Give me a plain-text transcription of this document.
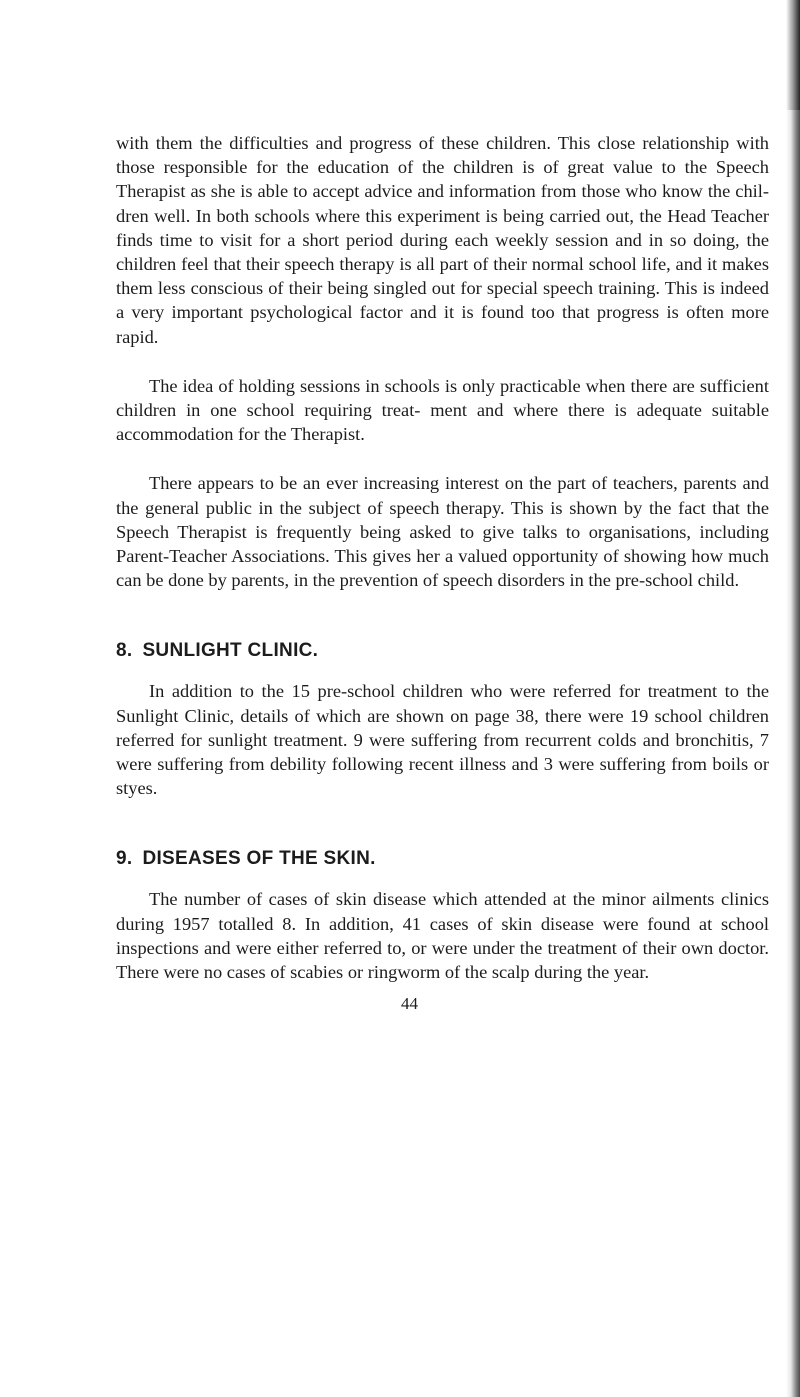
with them the difficulties and progress of these children. This close relationship with those responsible for the education of the children is of great value to the Speech Therapist as she is able to accept advice and information from those who know the chil- dren well. In both schools where this experiment is being carried out, the Head Teacher finds time to visit for a short period during each weekly session and in so doing, the children feel that their speech therapy is all part of their normal school life, and it makes them less conscious of their being singled out for special speech training. This is indeed a very important psychological factor and it is found too that progress is often more rapid.

The idea of holding sessions in schools is only practicable when there are sufficient children in one school requiring treat- ment and where there is adequate suitable accommodation for the Therapist.

There appears to be an ever increasing interest on the part of teachers, parents and the general public in the subject of speech therapy. This is shown by the fact that the Speech Therapist is frequently being asked to give talks to organisations, including Parent-Teacher Associations. This gives her a valued opportunity of showing how much can be done by parents, in the prevention of speech disorders in the pre-school child.

8. SUNLIGHT CLINIC.

In addition to the 15 pre-school children who were referred for treatment to the Sunlight Clinic, details of which are shown on page 38, there were 19 school children referred for sunlight treatment. 9 were suffering from recurrent colds and bronchitis, 7 were suffering from debility following recent illness and 3 were suffering from boils or styes.

9. DISEASES OF THE SKIN.

The number of cases of skin disease which attended at the minor ailments clinics during 1957 totalled 8. In addition, 41 cases of skin disease were found at school inspections and were either referred to, or were under the treatment of their own doctor. There were no cases of scabies or ringworm of the scalp during the year.

44
